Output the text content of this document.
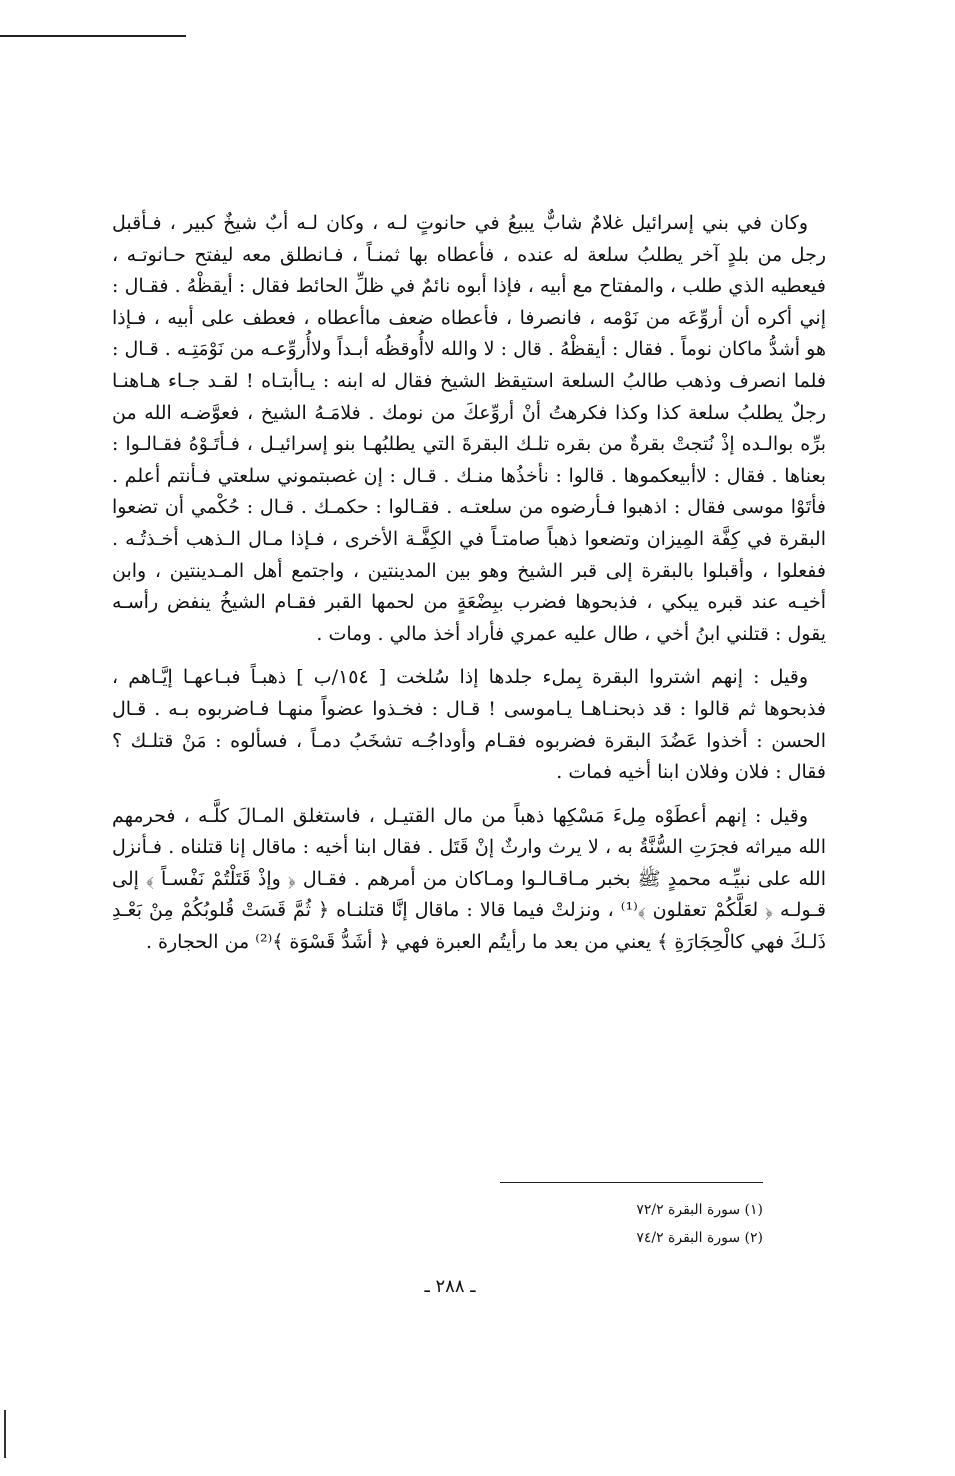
وكان في بني إسرائيل غلامٌ شابٌّ يبيعُ في حانوتٍ لـه ، وكان لـه أبٌ شيخٌ كبير ، فـأقبل رجل من بلدٍ آخر يطلبُ سلعة له عنده ، فأعطاه بها ثمنـاً ، فـانطلق معه ليفتح حـانوتـه ، فيعطيه الذي طلب ، والمفتاح مع أبيه ، فإذا أبوه نائمٌ في ظلِّ الحائط فقال : أيقظْهُ . فقـال : إني أكره أن أروِّعَه من نَوْمه ، فانصرفا ، فأعطاه ضعف ماأعطاه ، فعطف على أبيه ، فـإذا هو أشدُّ ماكان نوماً . فقال : أيقظْهُ . قال : لا والله لاأُوقظُه أبـداً ولاأُروِّعـه من نَوْمَتِـه . قـال : فلما انصرف وذهب طالبُ السلعة استيقظ الشيخ فقال له ابنه : يـاأبتـاه ! لقـد جـاء هـاهنـا رجلٌ يطلبُ سلعة كذا وكذا فكرهتُ أنْ أروِّعكَ من نومك . فلامَـهُ الشيخ ، فعوَّضـه الله من برِّه بوالـده إذْ نُتجتْ بقرةٌ من بقره تلـك البقرةَ التي يطلبُهـا بنو إسرائيـل ، فـأتَـوْهُ فقـالـوا : بعناها . فقال : لاأبيعكموها . قالوا : نأخذُها منـك . قـال : إن غصبتموني سلعتي فـأنتم أعلم . فأتَوْا موسى فقال : اذهبوا فـأرضوه من سلعتـه . فقـالوا : حكمـك . قـال : حُكْمي أن تضعوا البقرة في كِفَّة المِيزان وتضعوا ذهباً صامتـاً في الكِفَّـة الأخرى ، فـإذا مـال الـذهب أخـذتُـه . ففعلوا ، وأقبلوا بالبقرة إلى قبر الشيخ وهو بين المدينتين ، واجتمع أهل المـدينتين ، وابن أخيـه عند قبره يبكي ، فذبحوها فضرب ببِضْعَةٍ من لحمها القبر فقـام الشيخُ ينفض رأسـه يقول : قتلني ابنُ أخي ، طال عليه عمري فأراد أخذ مالي . ومات .

وقيل : إنهم اشتروا البقرة بِملء جلدها إذا سُلخت [ ١٥٤/ب ] ذهبـاً فبـاعهـا إيَّـاهم ، فذبحوها ثم قالوا : قد ذبحنـاهـا يـاموسى ! قـال : فخـذوا عضواً منهـا فـاضربوه بـه . قـال الحسن : أخذوا عَضُدَ البقرة فضربوه فقـام وأوداجُـه تشخَبُ دمـاً ، فسألوه : مَنْ قتلـك ؟ فقال : فلان وفلان ابنا أخيه فمات .

وقيل : إنهم أعطَوْه مِلءَ مَسْكِها ذهباً من مال القتيـل ، فاستغلق المـالَ كلَّـه ، فحرمهم الله ميراثه فجرَتِ السُّنَّةُ به ، لا يرث وارثٌ إنْ قَتَل . فقال ابنا أخيه : ماقال إنا قتلناه . فـأنزل الله على نبيِّـه محمدٍ ﷺ بخبر مـاقـالـوا ومـاكان من أمرهم . فقـال ﴿ وإذْ قَتَلْتُمْ نَفْسـاً ﴾ إلى قـولـه ﴿ لعَلَّكُمْ تعقلون ﴾⁽¹⁾ ، ونزلتْ فيما قالا : ماقال إنَّا قتلنـاه ﴿ ثُمَّ قَسَتْ قُلوبُكُمْ مِنْ بَعْـدِ ذَلـكَ فهي كالْحِجَارَةِ ﴾ يعني من بعد ما رأيتُم العبرة فهي ﴿ أشَدُّ قَسْوَة ﴾⁽²⁾ من الحجارة .

(١) سورة البقرة ٧٢/٢

(٢) سورة البقرة ٧٤/٢

ـ ٢٨٨ ـ
